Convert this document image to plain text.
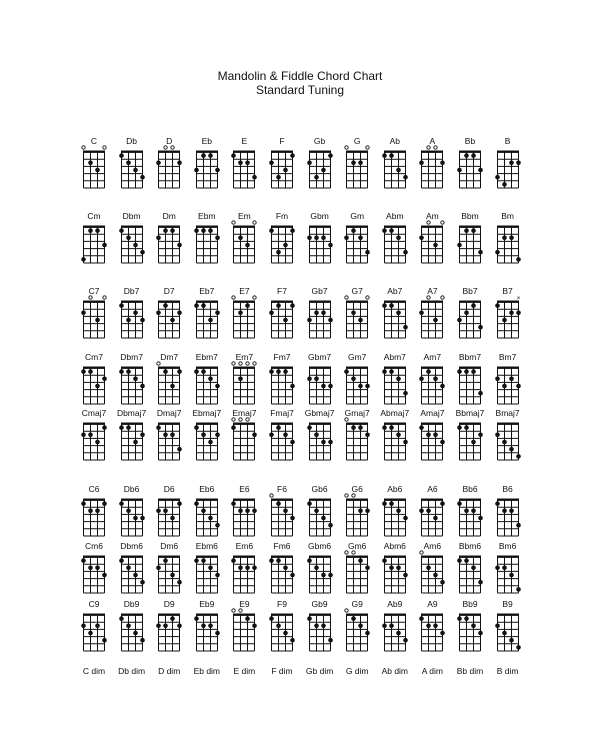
Mandolin & Fiddle Chord Chart
Standard Tuning
C	Db	D	Eb	E	F	Gb	G	Ab	A	Bb	B
Cm	Dbm	Dm	Ebm	Em	Fm	Gbm	Gm	Abm	Am	Bbm	Bm
C7	Db7	D7	Eb7	E7	F7	Gb7	G7	Ab7	A7	Bb7	B7
×
Cm7	Dbm7	Dm7	Ebm7	Em7	Fm7	Gbm7	Gm7	Abm7	Am7	Bbm7	Bm7
Cmaj7	Dbmaj7	Dmaj7	Ebmaj7	Emaj7	Fmaj7	Gbmaj7	Gmaj7	Abmaj7	Amaj7	Bbmaj7	Bmaj7
C6	Db6	D6	Eb6	E6	F6	Gb6	G6	Ab6	A6	Bb6	B6
Cm6	Dbm6	Dm6	Ebm6	Em6	Fm6	Gbm6	Gm6	Abm6	Am6	Bbm6	Bm6
C9	Db9	D9	Eb9	E9	F9	Gb9	G9	Ab9	A9	Bb9	B9
C dim	Db dim	D dim	Eb dim	E dim	F dim	Gb dim	G dim	Ab dim	A dim	Bb dim	B dim
